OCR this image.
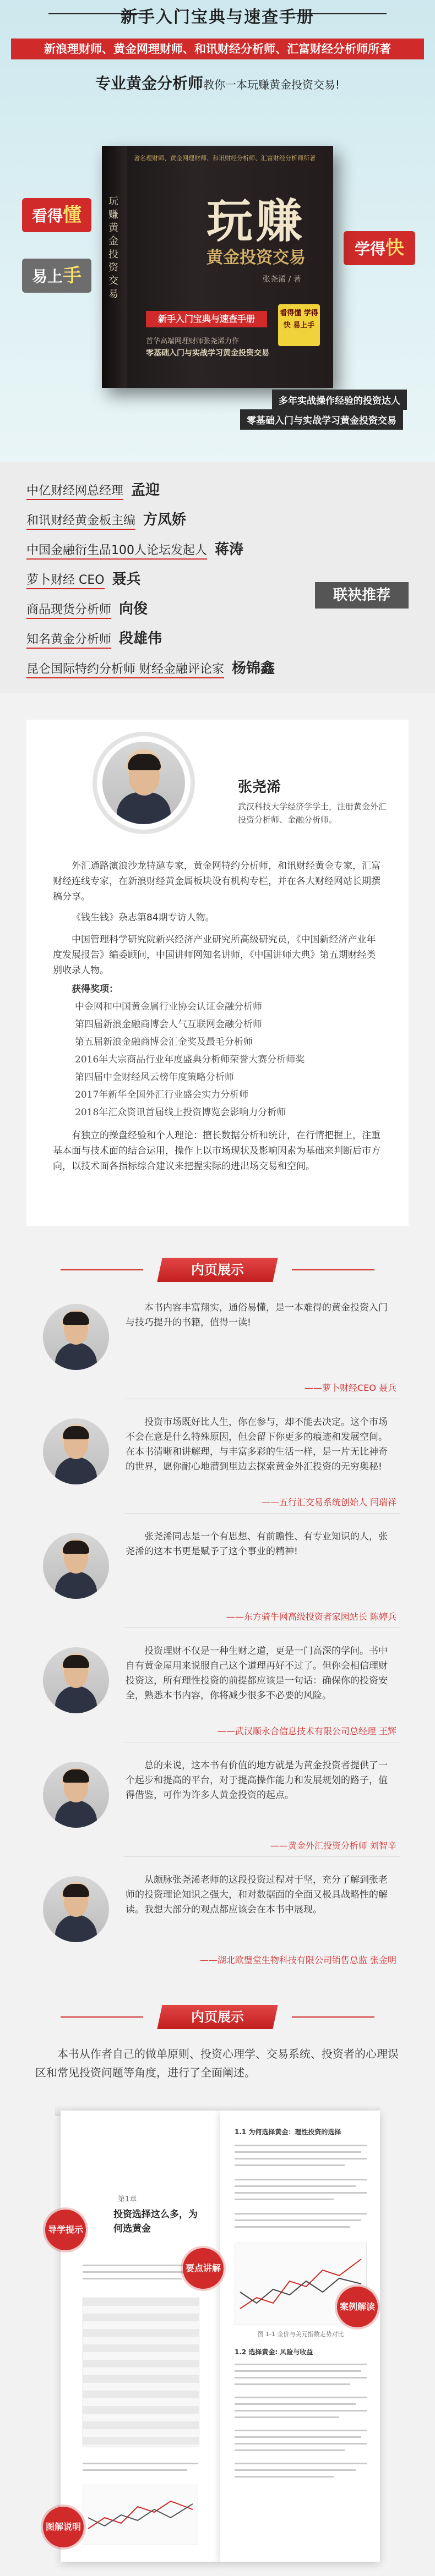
新手入门宝典与速查手册
新浪理财师、黄金网理财师、和讯财经分析师、汇富财经分析师所著
专业黄金分析师教你一本玩赚黄金投资交易!
看得懂
易上手
学得快
著名理财师、黄金网理财师、和讯财经分析师、汇富财经分析师所著
玩赚黄金投资交易
玩赚
黄金投资交易
张尧浠 / 著
新手入门宝典与速查手册
首华高端网理财师张尧浠力作
零基础入门与实战学习黄金投资交易
看得懂 学得快 易上手
多年实战操作经验的投资达人
零基础入门与实战学习黄金投资交易
中亿财经网总经理 孟迎
和讯财经黄金板主编 方凤娇
中国金融衍生品100人论坛发起人 蒋涛
萝卜财经 CEO 聂兵
商品现货分析师 向俊
知名黄金分析师 段雄伟
昆仑国际特约分析师 财经金融评论家 杨锦鑫
联袂推荐
张尧浠
武汉科技大学经济学学士，注册黄金外汇投资分析师、金融分析师。
外汇通路演浪沙龙特邀专家，黄金网特约分析师，和讯财经黄金专家，汇富财经连线专家，在新浪财经黄金属板块设有机构专栏，并在各大财经网站长期撰稿分享。
《钱生钱》杂志第84期专访人物。
中国管理科学研究院新兴经济产业研究所高级研究员，《中国新经济产业年度发展报告》编委顾问，中国讲师网知名讲师，《中国讲师大典》第五期财经类别收录人物。
获得奖项：
中金网和中国黄金属行业协会认证金融分析师
第四届新浪金融商博会人气互联网金融分析师
第五届新浪金融商博会汇金奖及最毛分析师
2016年大宗商品行业年度盛典分析师荣誉大赛分析师奖
第四届中金财经风云榜年度策略分析师
2017年新华全国外汇行业盛会实力分析师
2018年汇众资讯首届线上投资博览会影响力分析师
有独立的操盘经验和个人理论：擅长数据分析和统计，在行情把握上，注重基本面与技术面的结合运用，操作上以市场现状及影响因素为基础来判断后市方向，以技术面各指标综合建议来把握实际的进出场交易和空间。
内页展示
本书内容丰富翔实，通俗易懂，是一本难得的黄金投资入门与技巧提升的书籍，值得一读!
——萝卜财经CEO 聂兵
投资市场既好比人生，你在参与，却不能去决定。这个市场不会在意是什么特殊原因，但会留下你更多的痕迹和发展空间。在本书清晰和讲解理，与丰富多彩的生活一样，是一片无比神奇的世界，愿你耐心地潜到里边去探索黄金外汇投资的无穷奥秘!
——五行汇交易系统创始人 闫瑞祥
张尧浠同志是一个有思想、有前瞻性、有专业知识的人，张尧浠的这本书更是赋予了这个事业的精神!
——东方骑牛网高级投资者家园站长 陈婷兵
投资理财不仅是一种生财之道，更是一门高深的学问。书中自有黄金屋用来说服自己这个道理再好不过了。但你会相信理财投资这，所有理性投资的前提都应该是一句话：确保你的投资安全，熟悉本书内容，你将减少很多不必要的风险。
——武汉顺永合信息技术有限公司总经理 王辉
总的来说，这本书有价值的地方就是为黄金投资者提供了一个起步和提高的平台，对于提高操作能力和发展规划的路子，值得借鉴，可作为许多人黄金投资的起点。
——黄金外汇投资分析师 刘智辛
从颇脉张尧浠老师的这段投资过程对于坚，充分了解到张老师的投资理论知识之强大，和对数据面的全面又极具战略性的解读。我想大部分的观点都应该会在本书中展现。
——湖北欧璧堂生物科技有限公司销售总监 张金明
内页展示
本书从作者自己的做单原则、投资心理学、交易系统、投资者的心理误区和常见投资问题等角度，进行了全面阐述。
第1章
投资选择这么多，为何选黄金
1.1 为何选择黄金：理性投资的选择
图 1-1 金价与美元指数走势对比
1.2 选择黄金: 风险与收益
导学提示
要点讲解
案例解读
图解说明
